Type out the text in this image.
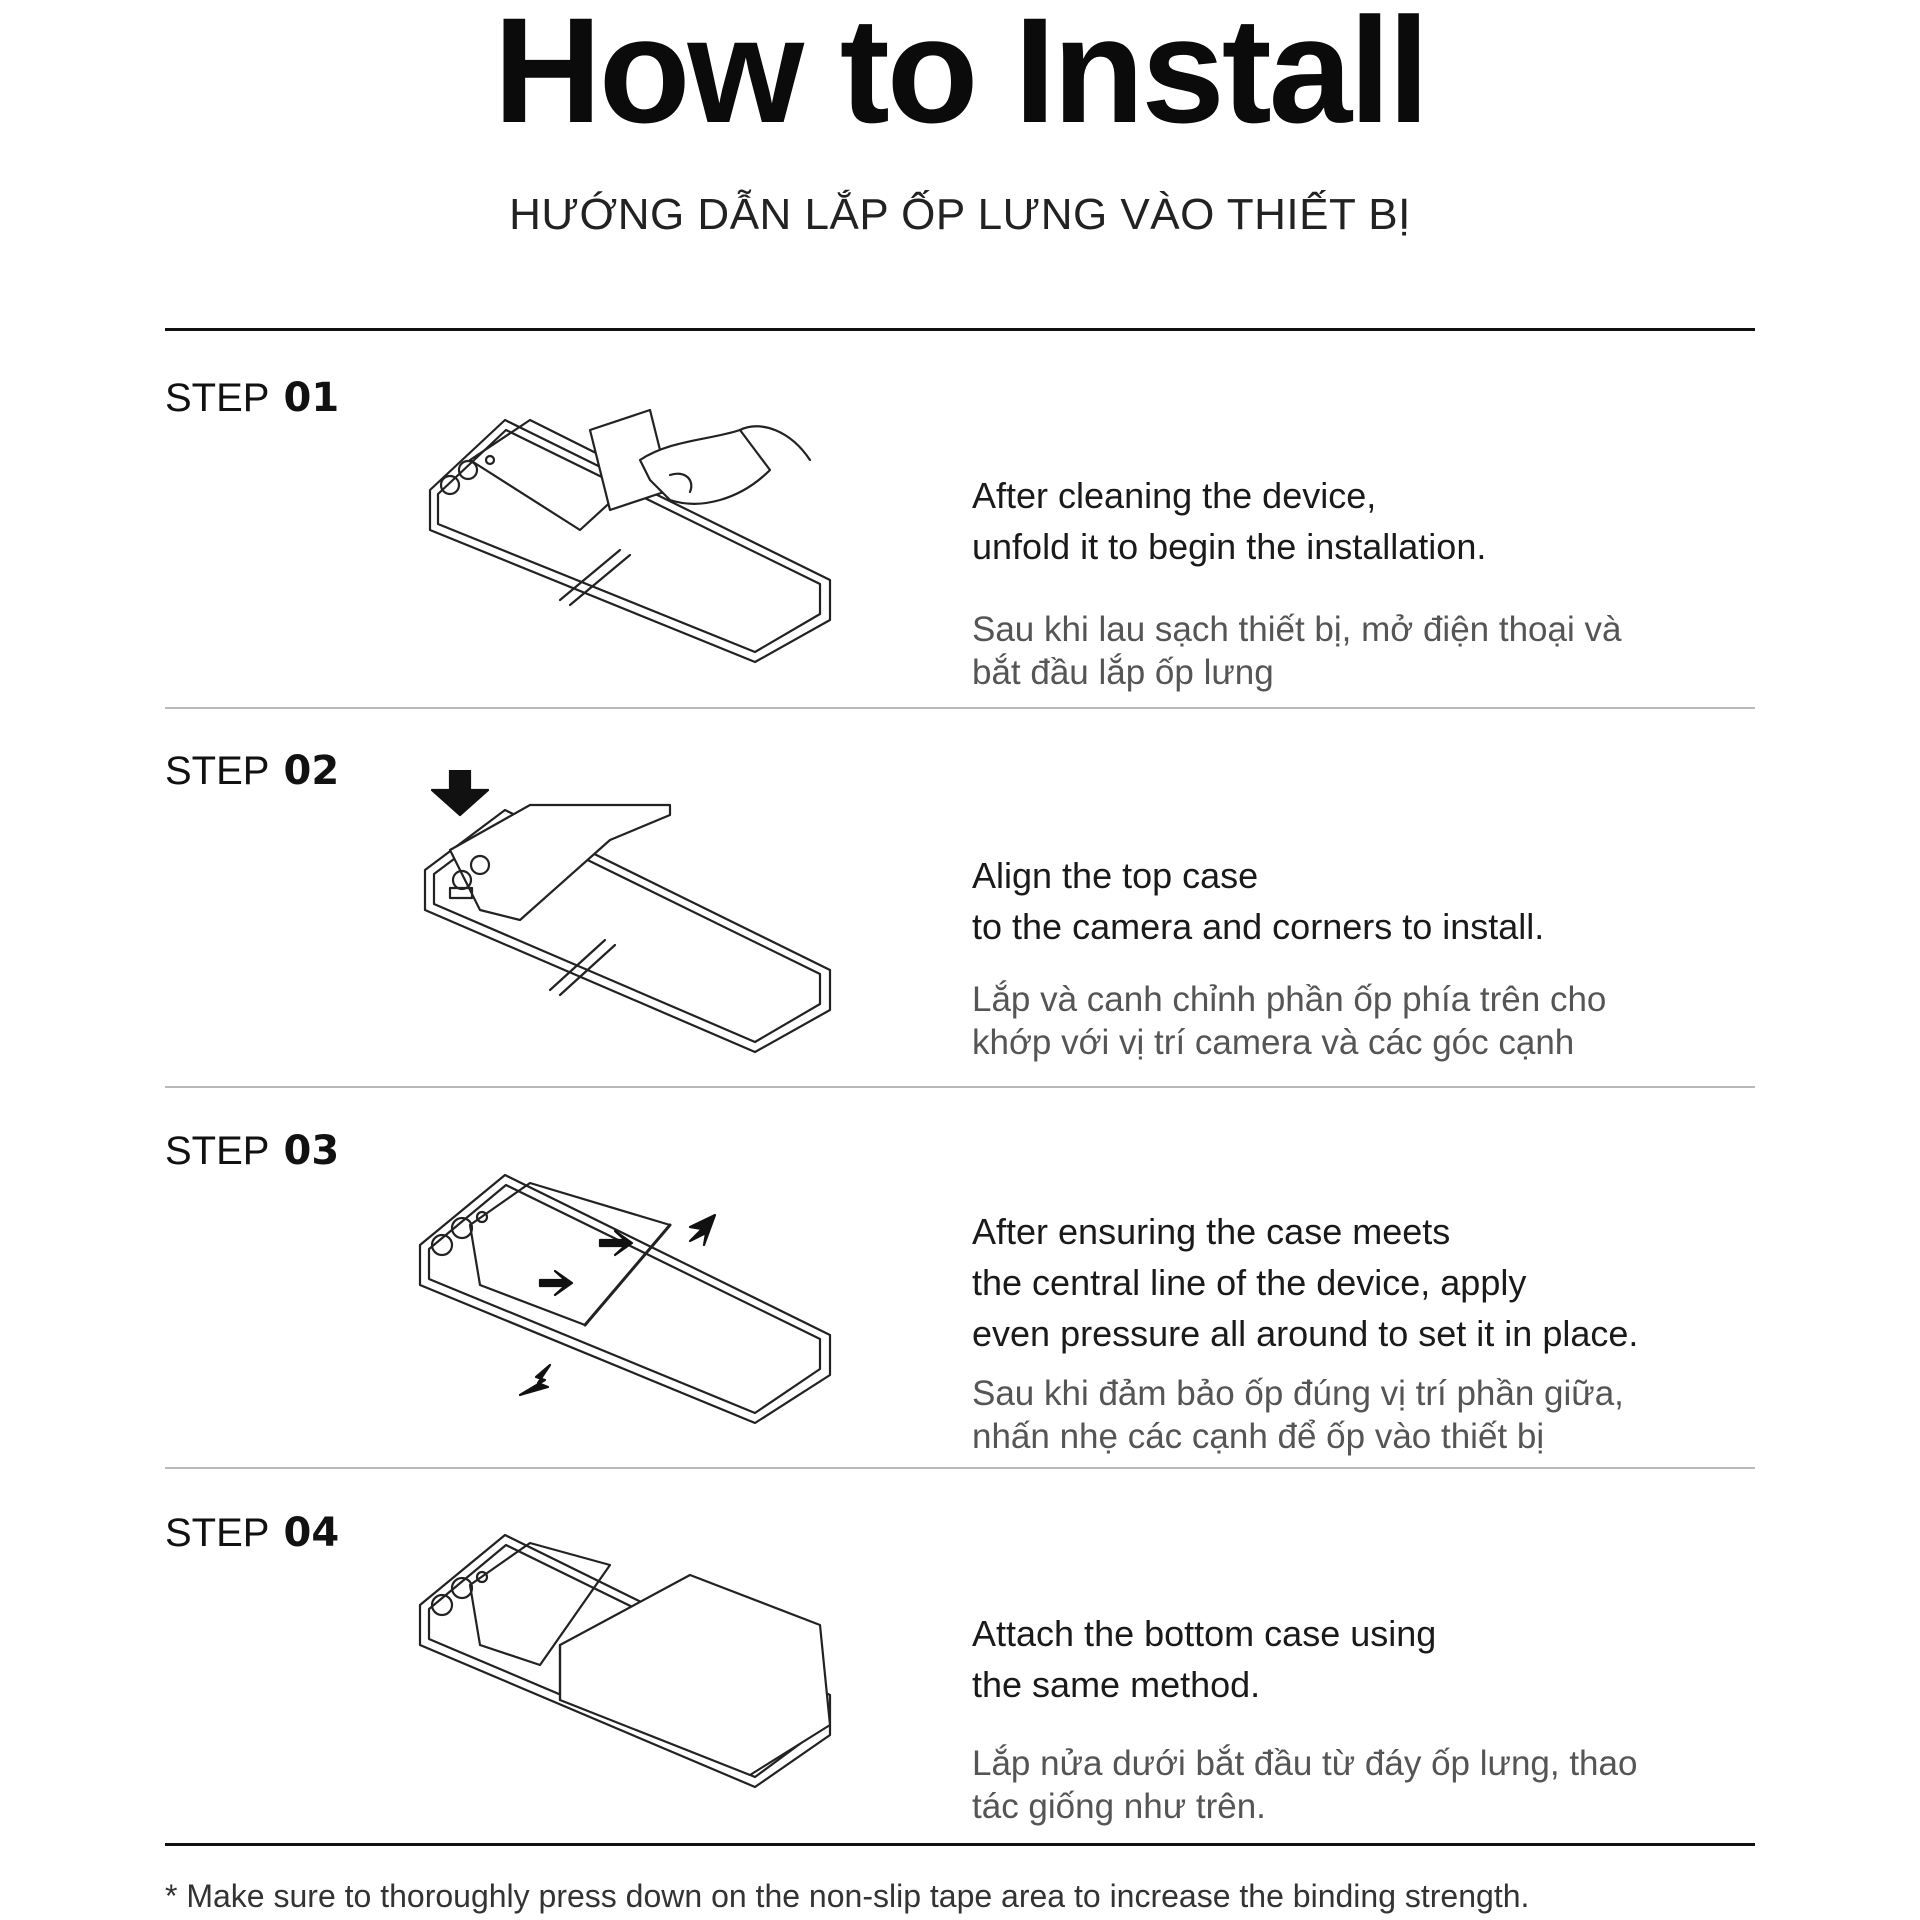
How to Install
HƯỚNG DẪN LẮP ỐP LƯNG VÀO THIẾT BỊ
STEP 01
After cleaning the device,
unfold it to begin the installation.
Sau khi lau sạch thiết bị, mở điện thoại và
bắt đầu lắp ốp lưng
STEP 02
Align the top case
to the camera and corners to install.
Lắp và canh chỉnh phần ốp phía trên cho
khớp với vị trí camera và các góc cạnh
STEP 03
After ensuring the case meets
the central line of the device, apply
even pressure all around to set it in place.
Sau khi đảm bảo ốp đúng vị trí phần giữa,
nhấn nhẹ các cạnh để ốp vào thiết bị
STEP 04
Attach the bottom case using
the same method.
Lắp nửa dưới bắt đầu từ đáy ốp lưng, thao
tác giống như trên.
* Make sure to thoroughly press down on the non-slip tape area to increase the binding strength.
